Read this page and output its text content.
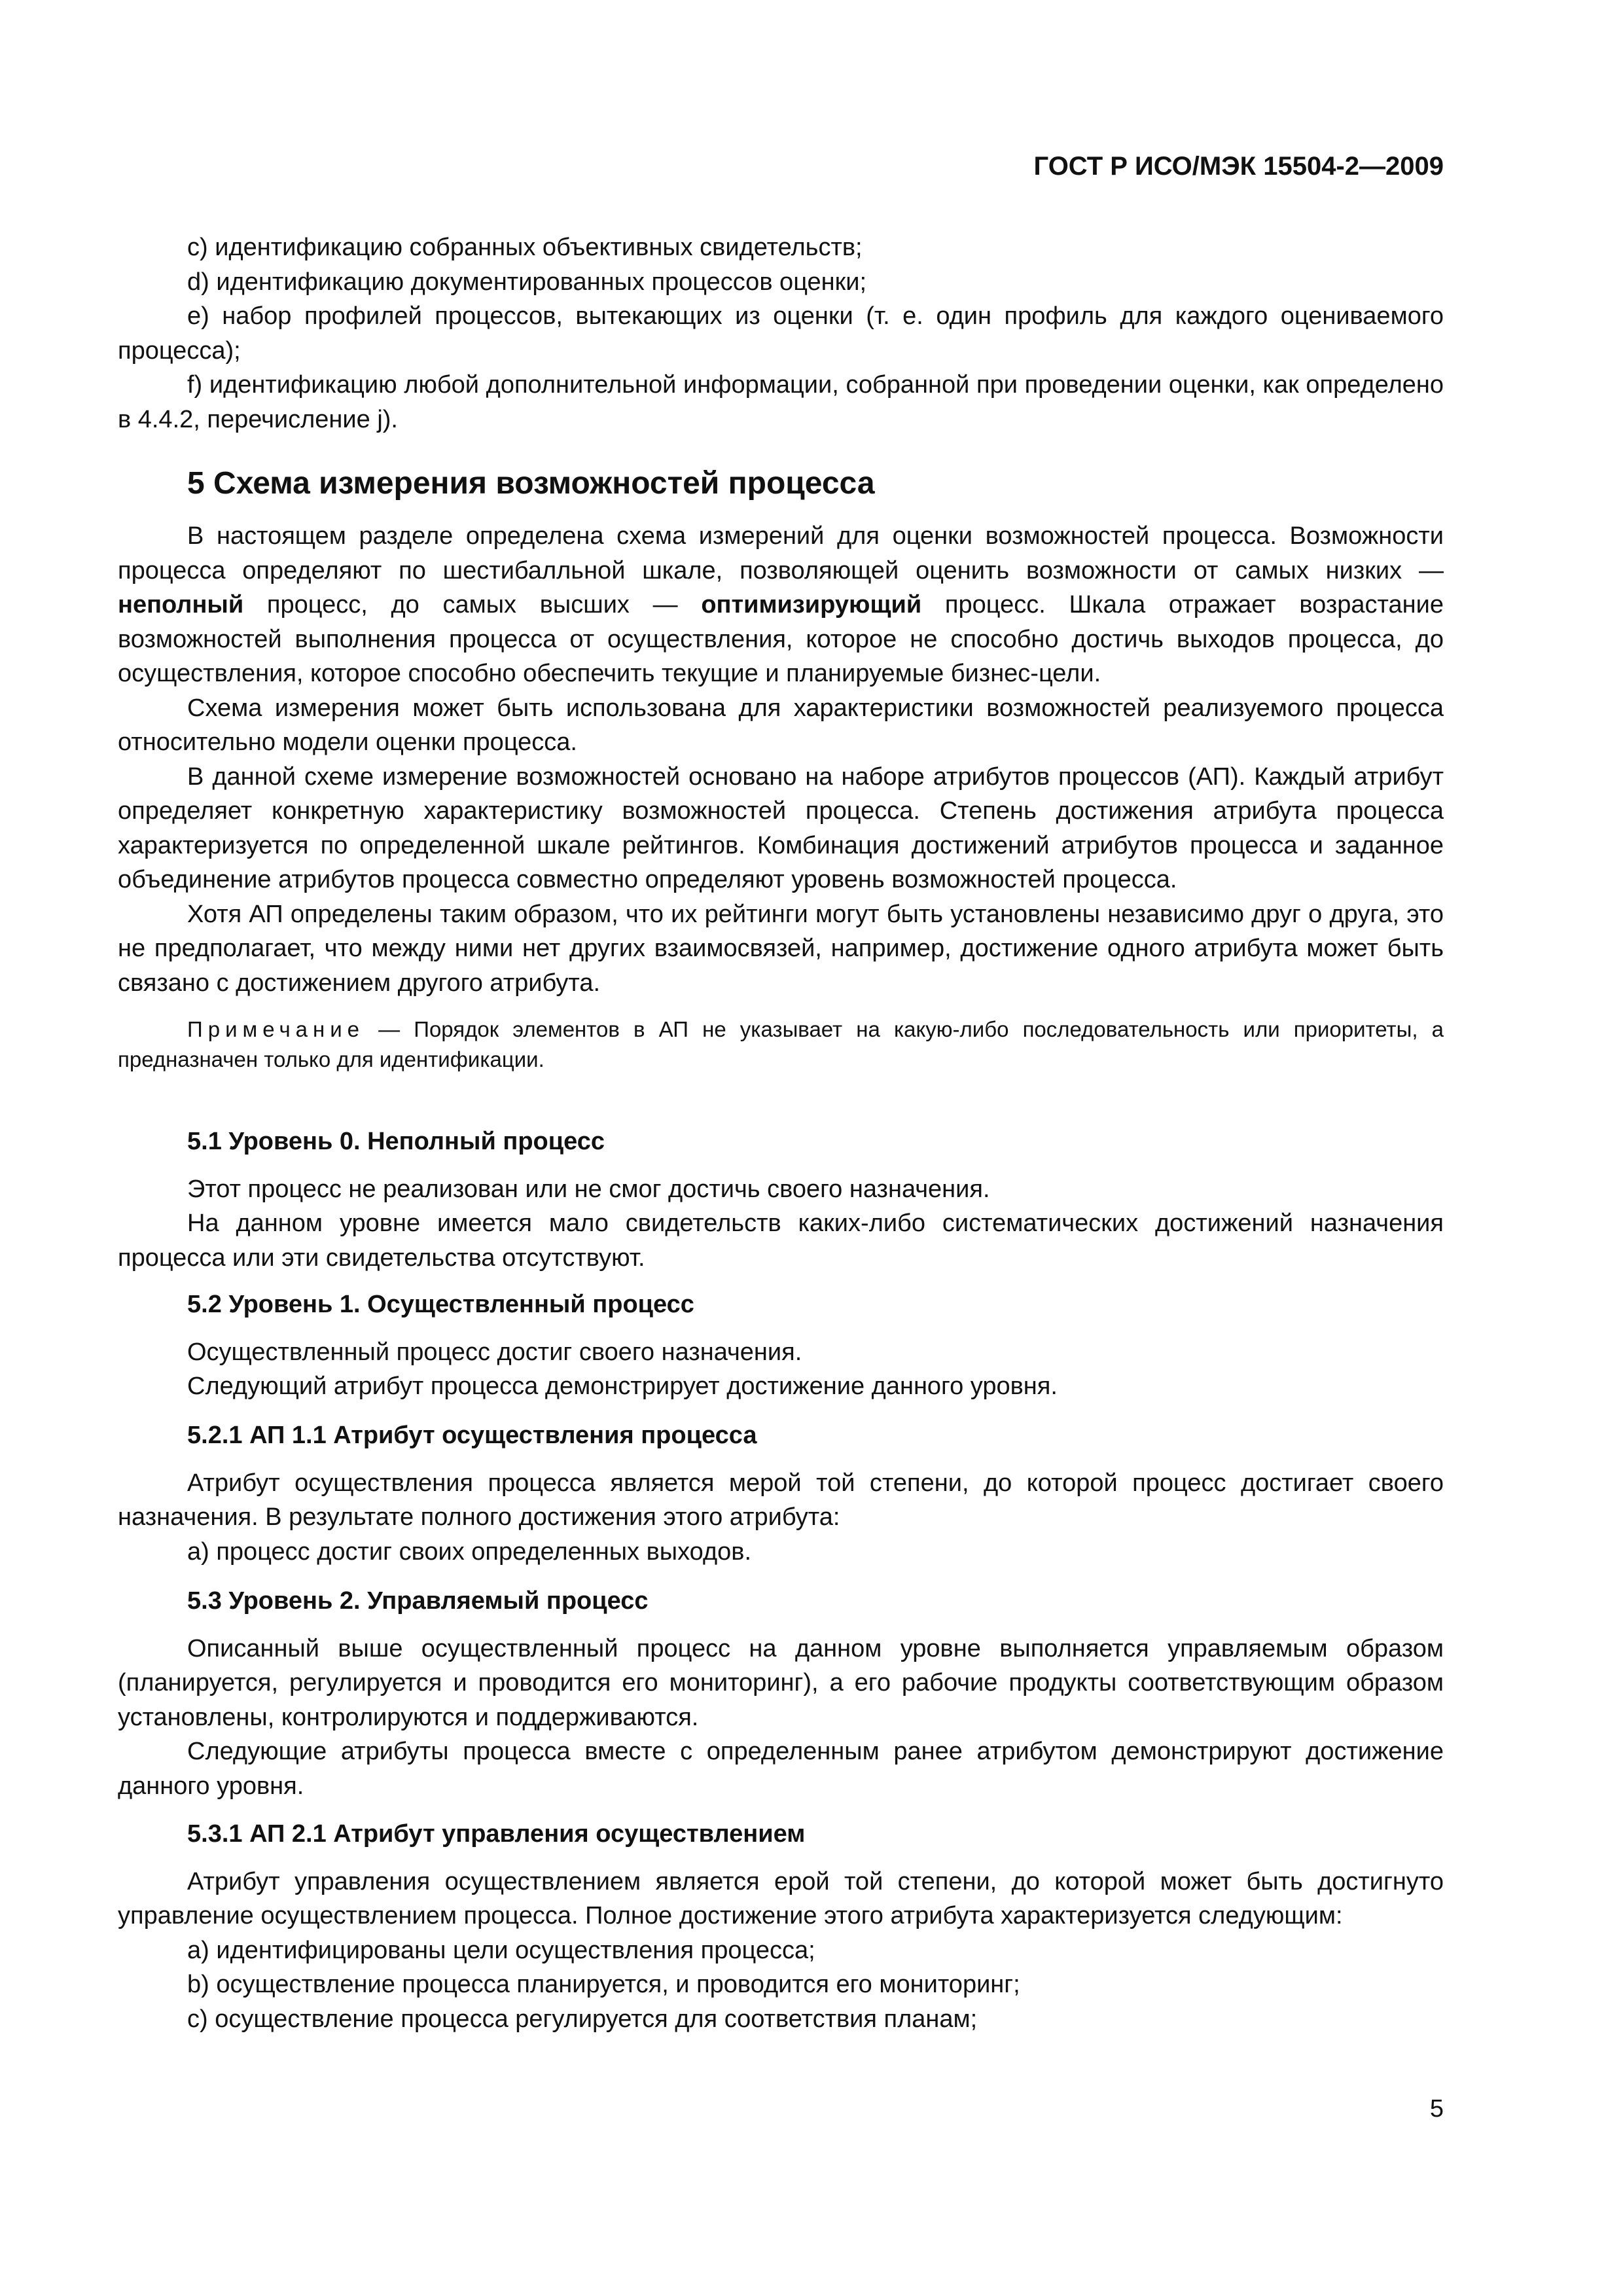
ГОСТ Р ИСО/МЭК 15504-2—2009

c) идентификацию собранных объективных свидетельств;

d) идентификацию документированных процессов оценки;

e) набор профилей процессов, вытекающих из оценки (т. е. один профиль для каждого оцениваемого процесса);

f) идентификацию любой дополнительной информации, собранной при проведении оценки, как определено в 4.4.2, перечисление j).

5 Схема измерения возможностей процесса

В настоящем разделе определена схема измерений для оценки возможностей процесса. Возможности процесса определяют по шестибалльной шкале, позволяющей оценить возможности от самых низких — неполный процесс, до самых высших — оптимизирующий процесс. Шкала отражает возрастание возможностей выполнения процесса от осуществления, которое не способно достичь выходов процесса, до осуществления, которое способно обеспечить текущие и планируемые бизнес-цели.

Схема измерения может быть использована для характеристики возможностей реализуемого процесса относительно модели оценки процесса.

В данной схеме измерение возможностей основано на наборе атрибутов процессов (АП). Каждый атрибут определяет конкретную характеристику возможностей процесса. Степень достижения атрибута процесса характеризуется по определенной шкале рейтингов. Комбинация достижений атрибутов процесса и заданное объединение атрибутов процесса совместно определяют уровень возможностей процесса.

Хотя АП определены таким образом, что их рейтинги могут быть установлены независимо друг о друга, это не предполагает, что между ними нет других взаимосвязей, например, достижение одного атрибута может быть связано с достижением другого атрибута.

Примечание — Порядок элементов в АП не указывает на какую-либо последовательность или приоритеты, а предназначен только для идентификации.

5.1 Уровень 0. Неполный процесс

Этот процесс не реализован или не смог достичь своего назначения.

На данном уровне имеется мало свидетельств каких-либо систематических достижений назначения процесса или эти свидетельства отсутствуют.

5.2 Уровень 1. Осуществленный процесс

Осуществленный процесс достиг своего назначения.

Следующий атрибут процесса демонстрирует достижение данного уровня.

5.2.1 АП 1.1 Атрибут осуществления процесса

Атрибут осуществления процесса является мерой той степени, до которой процесс достигает своего назначения. В результате полного достижения этого атрибута:

a) процесс достиг своих определенных выходов.

5.3 Уровень 2. Управляемый процесс

Описанный выше осуществленный процесс на данном уровне выполняется управляемым образом (планируется, регулируется и проводится его мониторинг), а его рабочие продукты соответствующим образом установлены, контролируются и поддерживаются.

Следующие атрибуты процесса вместе с определенным ранее атрибутом демонстрируют достижение данного уровня.

5.3.1 АП 2.1 Атрибут управления осуществлением

Атрибут управления осуществлением является ерой той степени, до которой может быть достигнуто управление осуществлением процесса. Полное достижение этого атрибута характеризуется следующим:

a) идентифицированы цели осуществления процесса;

b) осуществление процесса планируется, и проводится его мониторинг;

c) осуществление процесса регулируется для соответствия планам;

5
